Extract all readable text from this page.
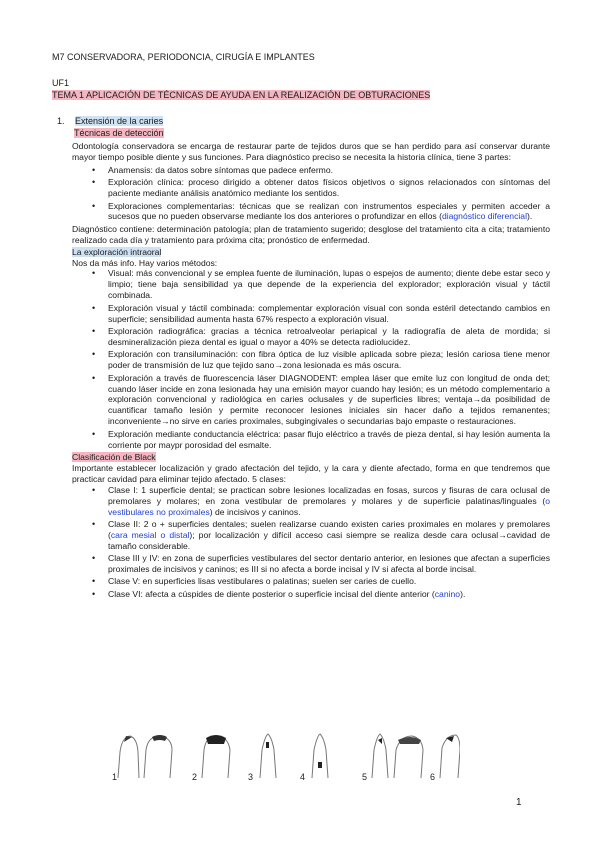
M7 CONSERVADORA, PERIODONCIA, CIRUGÍA E IMPLANTES
UF1
TEMA 1 APLICACIÓN DE TÉCNICAS DE AYUDA EN LA REALIZACIÓN DE OBTURACIONES
1. Extensión de la caries
Técnicas de detección

Odontología conservadora se encarga de restaurar parte de tejidos duros que se han perdido para así conservar durante mayor tiempo posible diente y sus funciones. Para diagnóstico preciso se necesita la historia clínica, tiene 3 partes:

• Anamensis: da datos sobre síntomas que padece enfermo.
• Exploración clínica: proceso dirigido a obtener datos físicos objetivos o signos relacionados con síntomas del paciente mediante análisis anatómico mediante los sentidos.
• Exploraciones complementarias: técnicas que se realizan con instrumentos especiales y permiten acceder a sucesos que no pueden observarse mediante los dos anteriores o profundizar en ellos (diagnóstico diferencial).

Diagnóstico contiene: determinación patología; plan de tratamiento sugerido; desglose del tratamiento cita a cita; tratamiento realizado cada día y tratamiento para próxima cita; pronóstico de enfermedad.

La exploración intraoral

Nos da más info. Hay varios métodos:

• Visual: más convencional y se emplea fuente de iluminación, lupas o espejos de aumento; diente debe estar seco y limpio; tiene baja sensibilidad ya que depende de la experiencia del explorador; exploración visual y táctil combinada.
• Exploración visual y táctil combinada: complementar exploración visual con sonda estéril detectando cambios en superficie; sensibilidad aumenta hasta 67% respecto a exploración visual.
• Exploración radiográfica: gracias a técnica retroalveolar periapical y la radiografía de aleta de mordida; si desmineralización pieza dental es igual o mayor a 40% se detecta radiolucidez.
• Exploración con transiluminación: con fibra óptica de luz visible aplicada sobre pieza; lesión cariosa tiene menor poder de transmisión de luz que tejido sano→zona lesionada es más oscura.
• Exploración a través de fluorescencia láser DIAGNODENT: emplea láser que emite luz con longitud de onda det; cuando láser incide en zona lesionada hay una emisión mayor cuando hay lesión; es un método complementario a exploración convencional y radiológica en caries oclusales y de superficies libres; ventaja→da posibilidad de cuantificar tamaño lesión y permite reconocer lesiones iniciales sin hacer daño a tejidos remanentes; inconveniente→no sirve en caries proximales, subgingivales o secundarias bajo empaste o restauraciones.
• Exploración mediante conductancia eléctrica: pasar flujo eléctrico a través de pieza dental, si hay lesión aumenta la corriente por maypr porosidad del esmalte.

Clasificación de Black

Importante establecer localización y grado afectación del tejido, y la cara y diente afectado, forma en que tendremos que practicar cavidad para eliminar tejido afectado. 5 clases:

• Clase I: 1 superficie dental; se practican sobre lesiones localizadas en fosas, surcos y fisuras de cara oclusal de premolares y molares; en zona vestibular de premolares y molares y de superficie palatinas/linguales (o vestibulares no proximales) de incisivos y caninos.
• Clase II: 2 o + superficies dentales; suelen realizarse cuando existen caries proximales en molares y premolares (cara mesial o distal); por localización y difícil acceso casi siempre se realiza desde cara oclusal→cavidad de tamaño considerable.
• Clase III y IV: en zona de superficies vestibulares del sector dentario anterior, en lesiones que afectan a superficies proximales de incisivos y caninos; es III si no afecta a borde incisal y IV si afecta al borde incisal.
• Clase V: en superficies lisas vestibulares o palatinas; suelen ser caries de cuello.
• Clase VI: afecta a cúspides de diente posterior o superficie incisal del diente anterior (canino).
1	2	3	4	5	6
1
